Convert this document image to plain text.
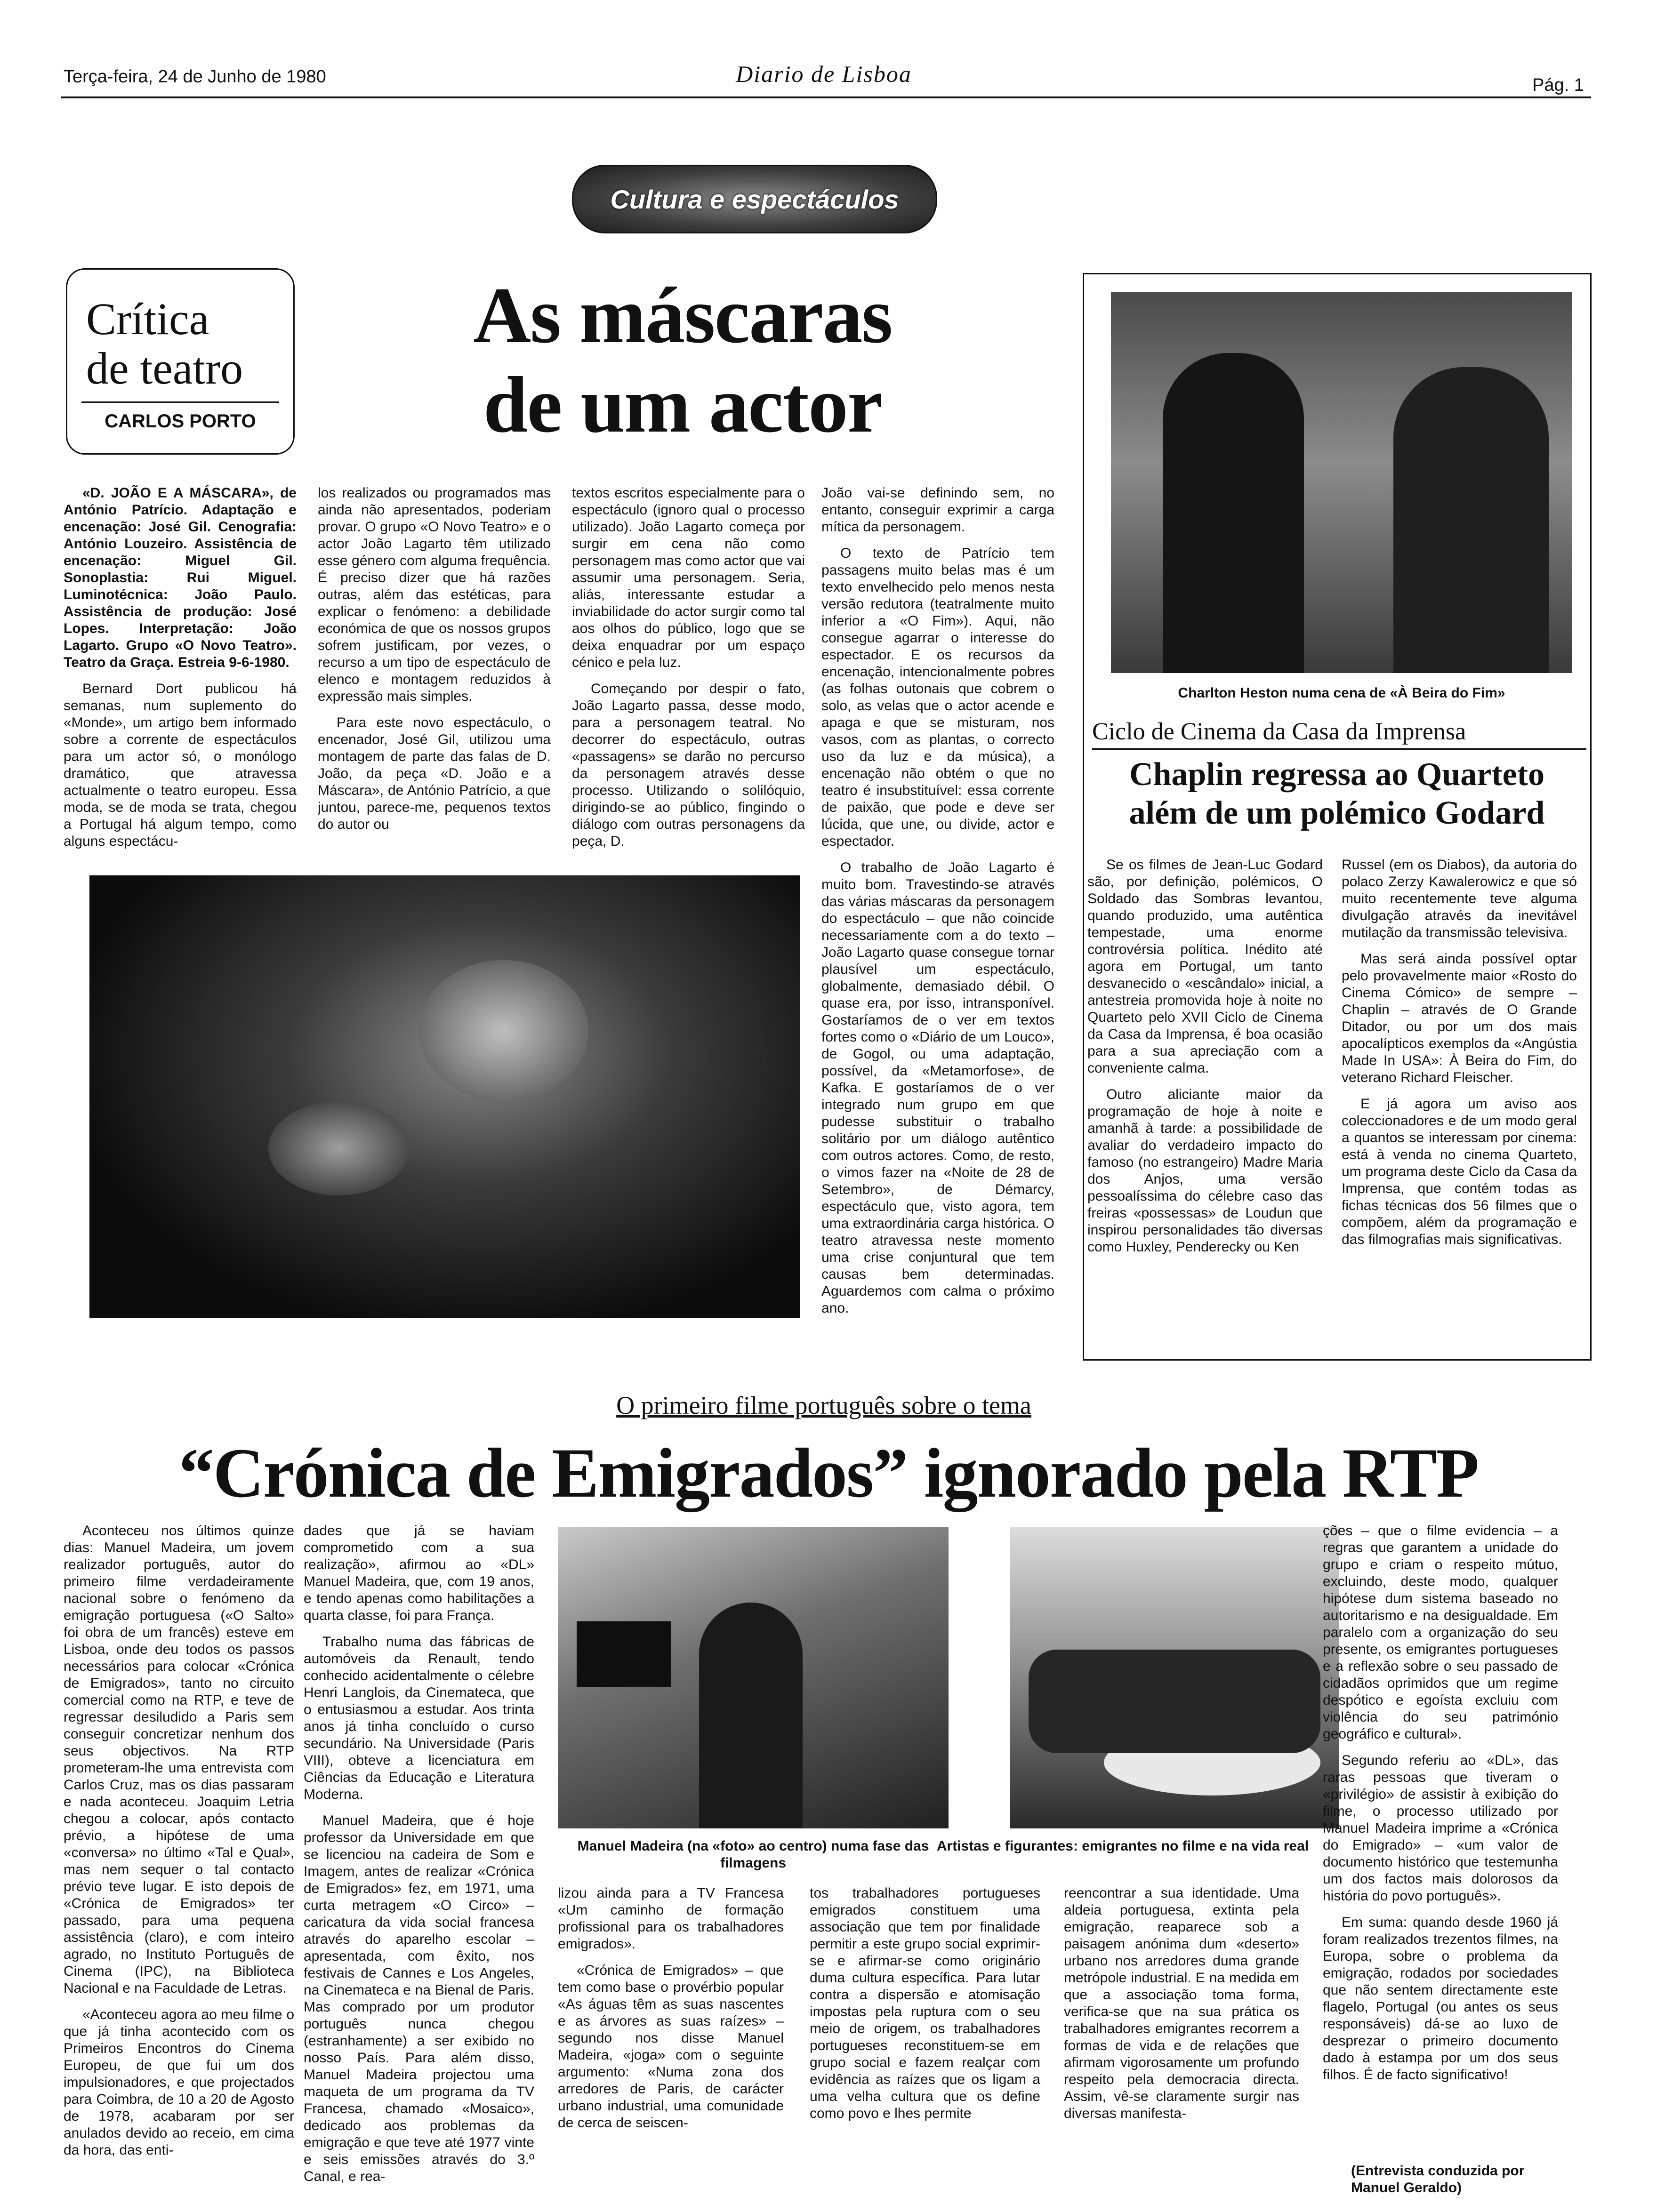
Terça-feira, 24 de Junho de 1980	Diario de Lisboa	Pág. 1
Cultura e espectáculos
Crítica
de teatro
CARLOS PORTO
As máscaras
de um actor

«D. JOÃO E A MÁSCARA», de António Patrício. Adaptação e encenação: José Gil. Cenografia: António Louzeiro. Assistência de encenação: Miguel Gil. Sonoplastia: Rui Miguel. Luminotécnica: João Paulo. Assistência de produção: José Lopes. Interpretação: João Lagarto. Grupo «O Novo Teatro». Teatro da Graça. Estreia 9-6-1980.

Bernard Dort publicou há semanas, num suplemento do «Monde», um artigo bem informado sobre a corrente de espectáculos para um actor só, o monólogo dramático, que atravessa actualmente o teatro europeu. Essa moda, se de moda se trata, chegou a Portugal há algum tempo, como alguns espectácu-

los realizados ou programados mas ainda não apresentados, poderiam provar. O grupo «O Novo Teatro» e o actor João Lagarto têm utilizado esse género com alguma frequência. É preciso dizer que há razões outras, além das estéticas, para explicar o fenómeno: a debilidade económica de que os nossos grupos sofrem justificam, por vezes, o recurso a um tipo de espectáculo de elenco e montagem reduzidos à expressão mais simples.

Para este novo espectáculo, o encenador, José Gil, utilizou uma montagem de parte das falas de D. João, da peça «D. João e a Máscara», de António Patrício, a que juntou, parece-me, pequenos textos do autor ou

textos escritos especialmente para o espectáculo (ignoro qual o processo utilizado). João Lagarto começa por surgir em cena não como personagem mas como actor que vai assumir uma personagem. Seria, aliás, interessante estudar a inviabilidade do actor surgir como tal aos olhos do público, logo que se deixa enquadrar por um espaço cénico e pela luz.

Começando por despir o fato, João Lagarto passa, desse modo, para a personagem teatral. No decorrer do espectáculo, outras «passagens» se darão no percurso da personagem através desse processo. Utilizando o solilóquio, dirigindo-se ao público, fingindo o diálogo com outras personagens da peça, D.

João vai-se definindo sem, no entanto, conseguir exprimir a carga mítica da personagem.

O texto de Patrício tem passagens muito belas mas é um texto envelhecido pelo menos nesta versão redutora (teatralmente muito inferior a «O Fim»). Aqui, não consegue agarrar o interesse do espectador. E os recursos da encenação, intencionalmente pobres (as folhas outonais que cobrem o solo, as velas que o actor acende e apaga e que se misturam, nos vasos, com as plantas, o correcto uso da luz e da música), a encenação não obtém o que no teatro é insubstituível: essa corrente de paixão, que pode e deve ser lúcida, que une, ou divide, actor e espectador.

O trabalho de João Lagarto é muito bom. Travestindo-se através das várias máscaras da personagem do espectáculo – que não coincide necessariamente com a do texto – João Lagarto quase consegue tornar plausível um espectáculo, globalmente, demasiado débil. O quase era, por isso, intransponível. Gostaríamos de o ver em textos fortes como o «Diário de um Louco», de Gogol, ou uma adaptação, possível, da «Metamorfose», de Kafka. E gostaríamos de o ver integrado num grupo em que pudesse substituir o trabalho solitário por um diálogo autêntico com outros actores. Como, de resto, o vimos fazer na «Noite de 28 de Setembro», de Démarcy, espectáculo que, visto agora, tem uma extraordinária carga histórica. O teatro atravessa neste momento uma crise conjuntural que tem causas bem determinadas. Aguardemos com calma o próximo ano.

Charlton Heston numa cena de «À Beira do Fim»
Ciclo de Cinema da Casa da Imprensa
Chaplin regressa ao Quarteto
além de um polémico Godard

Se os filmes de Jean-Luc Godard são, por definição, polémicos, O Soldado das Sombras levantou, quando produzido, uma autêntica tempestade, uma enorme controvérsia política. Inédito até agora em Portugal, um tanto desvanecido o «escândalo» inicial, a antestreia promovida hoje à noite no Quarteto pelo XVII Ciclo de Cinema da Casa da Imprensa, é boa ocasião para a sua apreciação com a conveniente calma.

Outro aliciante maior da programação de hoje à noite e amanhã à tarde: a possibilidade de avaliar do verdadeiro impacto do famoso (no estrangeiro) Madre Maria dos Anjos, uma versão pessoalíssima do célebre caso das freiras «possessas» de Loudun que inspirou personalidades tão diversas como Huxley, Penderecky ou Ken

Russel (em os Diabos), da autoria do polaco Zerzy Kawalerowicz e que só muito recentemente teve alguma divulgação através da inevitável mutilação da transmissão televisiva.

Mas será ainda possível optar pelo provavelmente maior «Rosto do Cinema Cómico» de sempre – Chaplin – através de O Grande Ditador, ou por um dos mais apocalípticos exemplos da «Angústia Made In USA»: À Beira do Fim, do veterano Richard Fleischer.

E já agora um aviso aos coleccionadores e de um modo geral a quantos se interessam por cinema: está à venda no cinema Quarteto, um programa deste Ciclo da Casa da Imprensa, que contém todas as fichas técnicas dos 56 filmes que o compõem, além da programação e das filmografias mais significativas.

O primeiro filme português sobre o tema
“Crónica de Emigrados” ignorado pela RTP

Aconteceu nos últimos quinze dias: Manuel Madeira, um jovem realizador português, autor do primeiro filme verdadeiramente nacional sobre o fenómeno da emigração portuguesa («O Salto» foi obra de um francês) esteve em Lisboa, onde deu todos os passos necessários para colocar «Crónica de Emigrados», tanto no circuito comercial como na RTP, e teve de regressar desiludido a Paris sem conseguir concretizar nenhum dos seus objectivos. Na RTP prometeram-lhe uma entrevista com Carlos Cruz, mas os dias passaram e nada aconteceu. Joaquim Letria chegou a colocar, após contacto prévio, a hipótese de uma «conversa» no último «Tal e Qual», mas nem sequer o tal contacto prévio teve lugar. E isto depois de «Crónica de Emigrados» ter passado, para uma pequena assistência (claro), e com inteiro agrado, no Instituto Português de Cinema (IPC), na Biblioteca Nacional e na Faculdade de Letras.

«Aconteceu agora ao meu filme o que já tinha acontecido com os Primeiros Encontros do Cinema Europeu, de que fui um dos impulsionadores, e que projectados para Coimbra, de 10 a 20 de Agosto de 1978, acabaram por ser anulados devido ao receio, em cima da hora, das enti-

dades que já se haviam comprometido com a sua realização», afirmou ao «DL» Manuel Madeira, que, com 19 anos, e tendo apenas como habilitações a quarta classe, foi para França.

Trabalho numa das fábricas de automóveis da Renault, tendo conhecido acidentalmente o célebre Henri Langlois, da Cinemateca, que o entusiasmou a estudar. Aos trinta anos já tinha concluído o curso secundário. Na Universidade (Paris VIII), obteve a licenciatura em Ciências da Educação e Literatura Moderna.

Manuel Madeira, que é hoje professor da Universidade em que se licenciou na cadeira de Som e Imagem, antes de realizar «Crónica de Emigrados» fez, em 1971, uma curta metragem «O Circo» – caricatura da vida social francesa através do aparelho escolar – apresentada, com êxito, nos festivais de Cannes e Los Angeles, na Cinemateca e na Bienal de Paris. Mas comprado por um produtor português nunca chegou (estranhamente) a ser exibido no nosso País. Para além disso, Manuel Madeira projectou uma maqueta de um programa da TV Francesa, chamado «Mosaico», dedicado aos problemas da emigração e que teve até 1977 vinte e seis emissões através do 3.º Canal, e rea-

Manuel Madeira (na «foto» ao centro) numa fase das filmagens
Artistas e figurantes: emigrantes no filme e na vida real

lizou ainda para a TV Francesa «Um caminho de formação profissional para os trabalhadores emigrados».

«Crónica de Emigrados» – que tem como base o provérbio popular «As águas têm as suas nascentes e as árvores as suas raízes» – segundo nos disse Manuel Madeira, «joga» com o seguinte argumento: «Numa zona dos arredores de Paris, de carácter urbano industrial, uma comunidade de cerca de seiscen-

tos trabalhadores portugueses emigrados constituem uma associação que tem por finalidade permitir a este grupo social exprimir-se e afirmar-se como originário duma cultura específica. Para lutar contra a dispersão e atomisação impostas pela ruptura com o seu meio de origem, os trabalhadores portugueses reconstituem-se em grupo social e fazem realçar com evidência as raízes que os ligam a uma velha cultura que os define como povo e lhes permite

reencontrar a sua identidade. Uma aldeia portuguesa, extinta pela emigração, reaparece sob a paisagem anónima dum «deserto» urbano nos arredores duma grande metrópole industrial. E na medida em que a associação toma forma, verifica-se que na sua prática os trabalhadores emigrantes recorrem a formas de vida e de relações que afirmam vigorosamente um profundo respeito pela democracia directa. Assim, vê-se claramente surgir nas diversas manifesta-

ções – que o filme evidencia – a regras que garantem a unidade do grupo e criam o respeito mútuo, excluindo, deste modo, qualquer hipótese dum sistema baseado no autoritarismo e na desigualdade. Em paralelo com a organização do seu presente, os emigrantes portugueses e a reflexão sobre o seu passado de cidadãos oprimidos que um regime despótico e egoísta excluiu com violência do seu património geográfico e cultural».

Segundo referiu ao «DL», das raras pessoas que tiveram o «privilégio» de assistir à exibição do filme, o processo utilizado por Manuel Madeira imprime a «Crónica do Emigrado» – «um valor de documento histórico que testemunha um dos factos mais dolorosos da história do povo português».

Em suma: quando desde 1960 já foram realizados trezentos filmes, na Europa, sobre o problema da emigração, rodados por sociedades que não sentem directamente este flagelo, Portugal (ou antes os seus responsáveis) dá-se ao luxo de desprezar o primeiro documento dado à estampa por um dos seus filhos. É de facto significativo!

(Entrevista conduzida por Manuel Geraldo)
